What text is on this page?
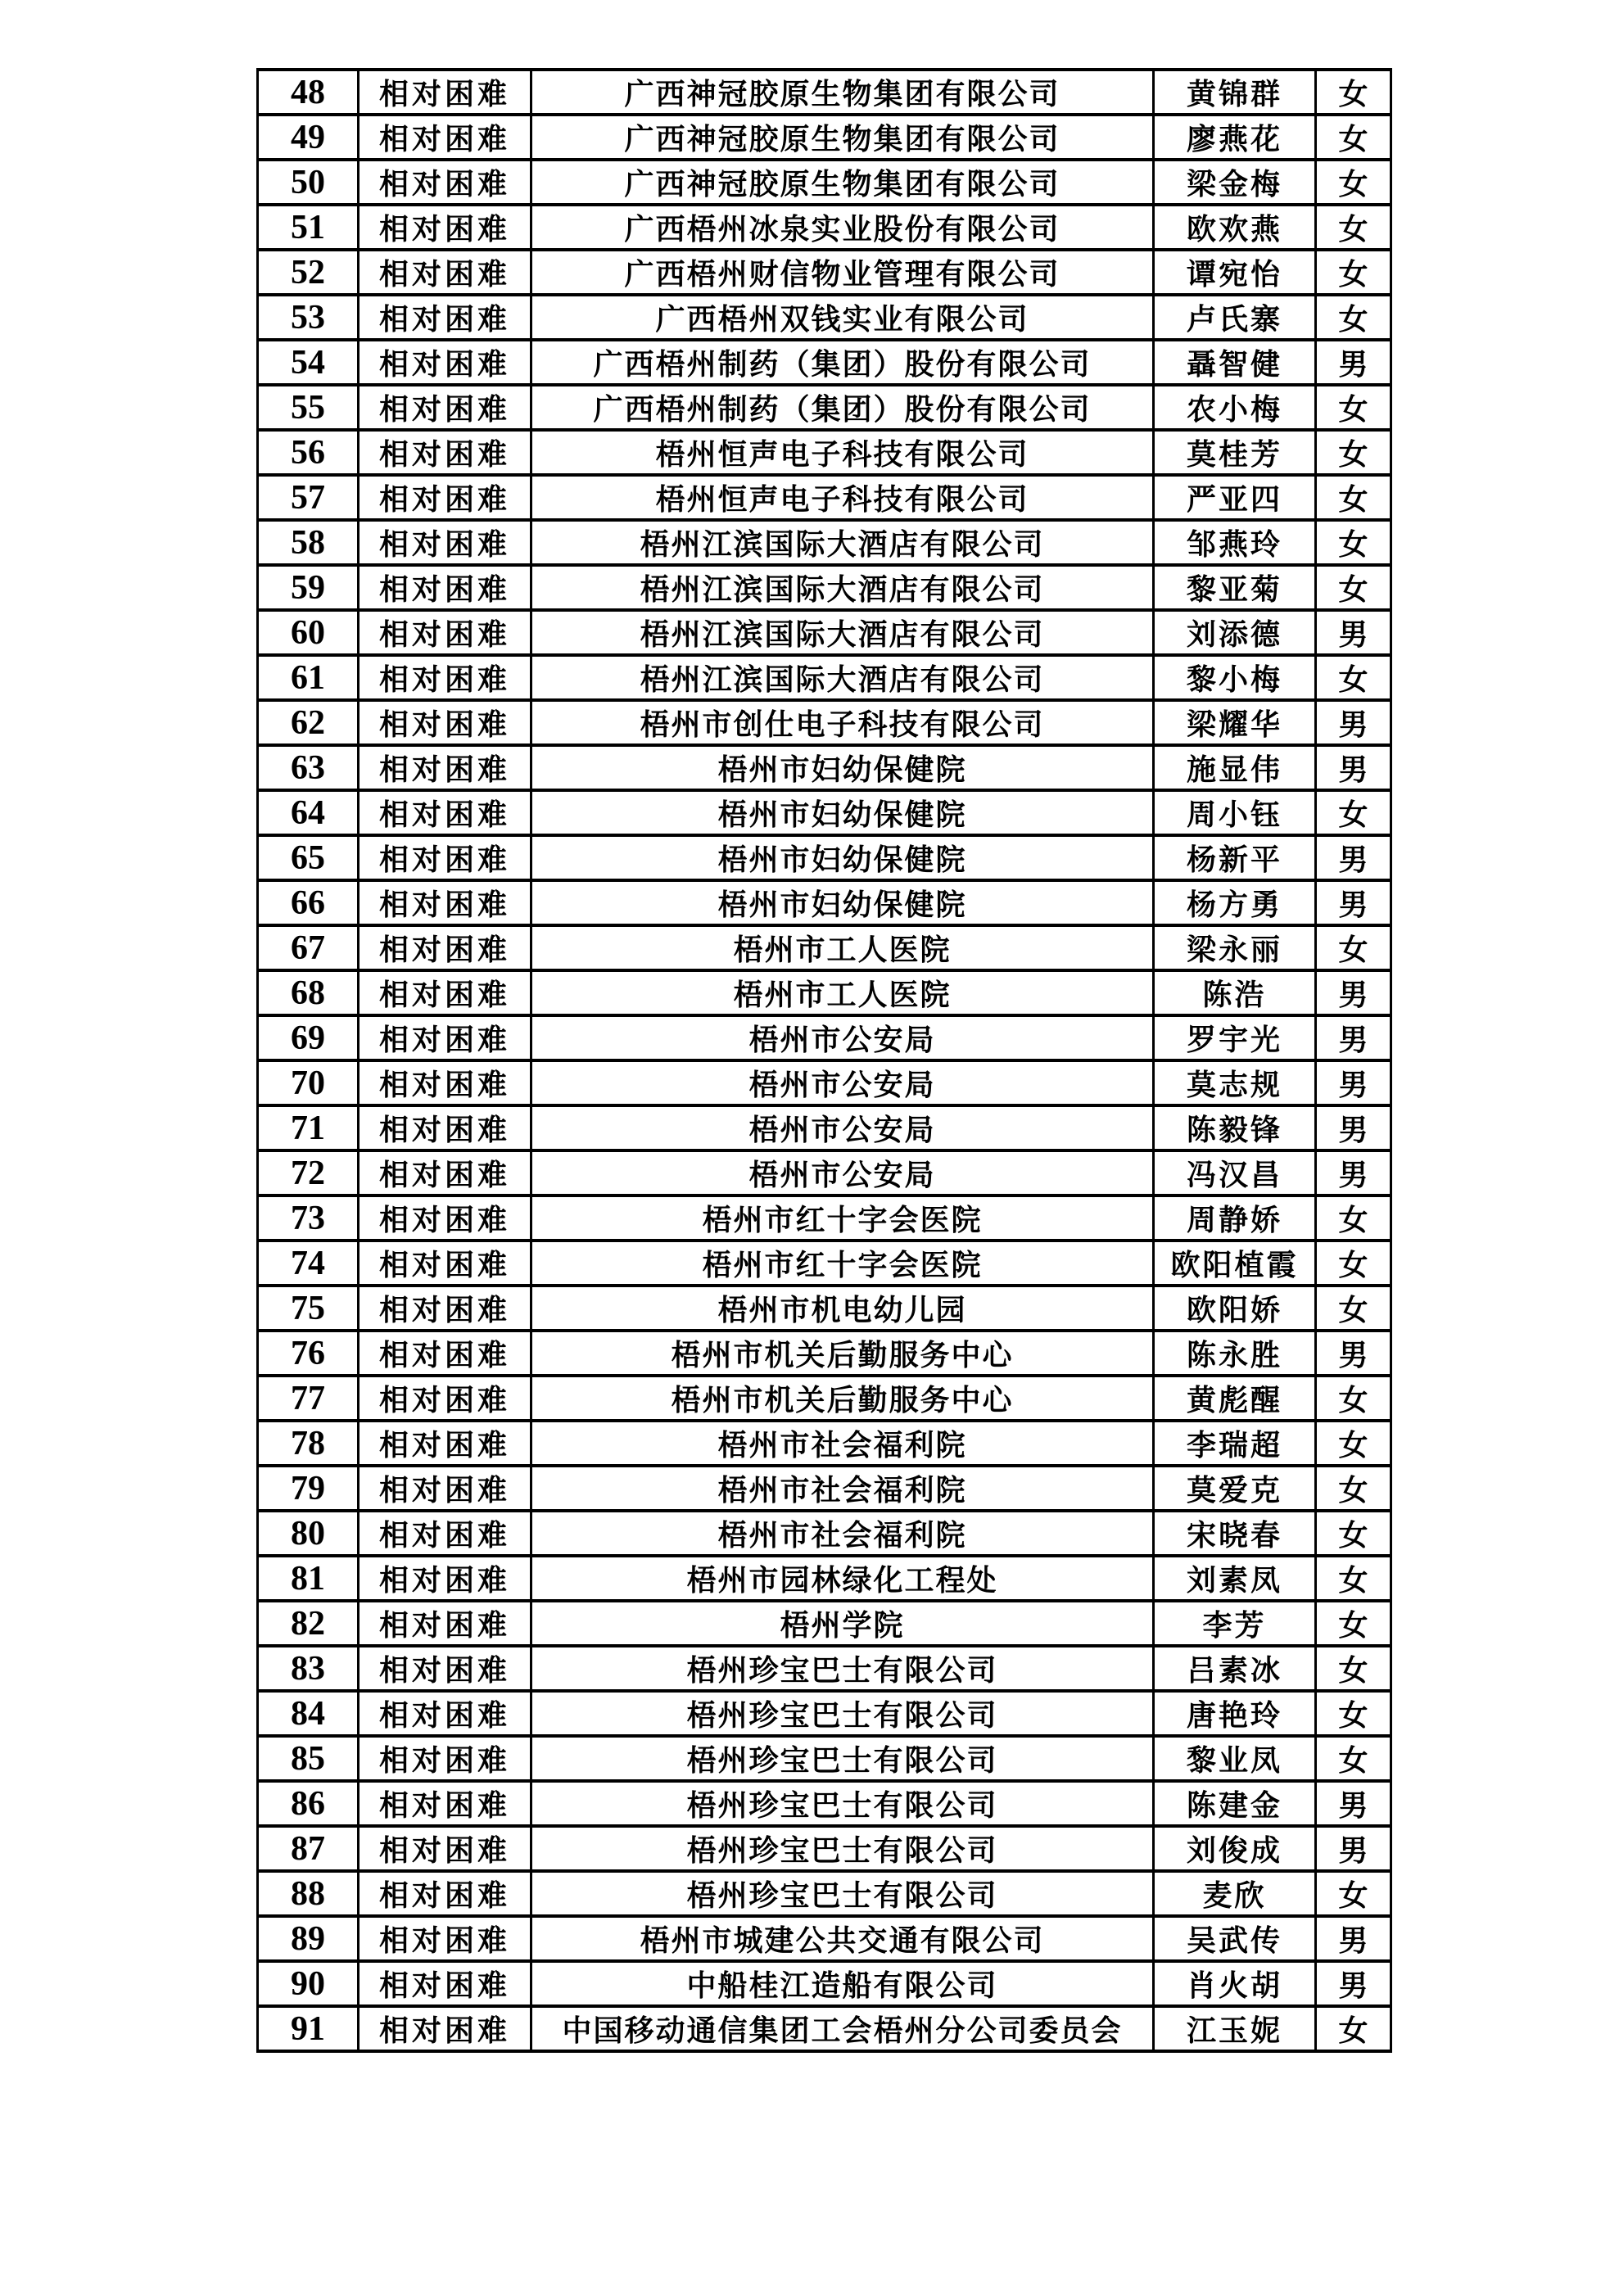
48	相对困难	广西神冠胶原生物集团有限公司	黄锦群	女
49	相对困难	广西神冠胶原生物集团有限公司	廖燕花	女
50	相对困难	广西神冠胶原生物集团有限公司	梁金梅	女
51	相对困难	广西梧州冰泉实业股份有限公司	欧欢燕	女
52	相对困难	广西梧州财信物业管理有限公司	谭宛怡	女
53	相对困难	广西梧州双钱实业有限公司	卢氏寨	女
54	相对困难	广西梧州制药（集团）股份有限公司	聶智健	男
55	相对困难	广西梧州制药（集团）股份有限公司	农小梅	女
56	相对困难	梧州恒声电子科技有限公司	莫桂芳	女
57	相对困难	梧州恒声电子科技有限公司	严亚四	女
58	相对困难	梧州江滨国际大酒店有限公司	邹燕玲	女
59	相对困难	梧州江滨国际大酒店有限公司	黎亚菊	女
60	相对困难	梧州江滨国际大酒店有限公司	刘添德	男
61	相对困难	梧州江滨国际大酒店有限公司	黎小梅	女
62	相对困难	梧州市创仕电子科技有限公司	梁耀华	男
63	相对困难	梧州市妇幼保健院	施显伟	男
64	相对困难	梧州市妇幼保健院	周小钰	女
65	相对困难	梧州市妇幼保健院	杨新平	男
66	相对困难	梧州市妇幼保健院	杨方勇	男
67	相对困难	梧州市工人医院	梁永丽	女
68	相对困难	梧州市工人医院	陈浩	男
69	相对困难	梧州市公安局	罗宇光	男
70	相对困难	梧州市公安局	莫志规	男
71	相对困难	梧州市公安局	陈毅锋	男
72	相对困难	梧州市公安局	冯汉昌	男
73	相对困难	梧州市红十字会医院	周静娇	女
74	相对困难	梧州市红十字会医院	欧阳植霞	女
75	相对困难	梧州市机电幼儿园	欧阳娇	女
76	相对困难	梧州市机关后勤服务中心	陈永胜	男
77	相对困难	梧州市机关后勤服务中心	黄彪醒	女
78	相对困难	梧州市社会福利院	李瑞超	女
79	相对困难	梧州市社会福利院	莫爱克	女
80	相对困难	梧州市社会福利院	宋晓春	女
81	相对困难	梧州市园林绿化工程处	刘素凤	女
82	相对困难	梧州学院	李芳	女
83	相对困难	梧州珍宝巴士有限公司	吕素冰	女
84	相对困难	梧州珍宝巴士有限公司	唐艳玲	女
85	相对困难	梧州珍宝巴士有限公司	黎业凤	女
86	相对困难	梧州珍宝巴士有限公司	陈建金	男
87	相对困难	梧州珍宝巴士有限公司	刘俊成	男
88	相对困难	梧州珍宝巴士有限公司	麦欣	女
89	相对困难	梧州市城建公共交通有限公司	吴武传	男
90	相对困难	中船桂江造船有限公司	肖火胡	男
91	相对困难	中国移动通信集团工会梧州分公司委员会	江玉妮	女
